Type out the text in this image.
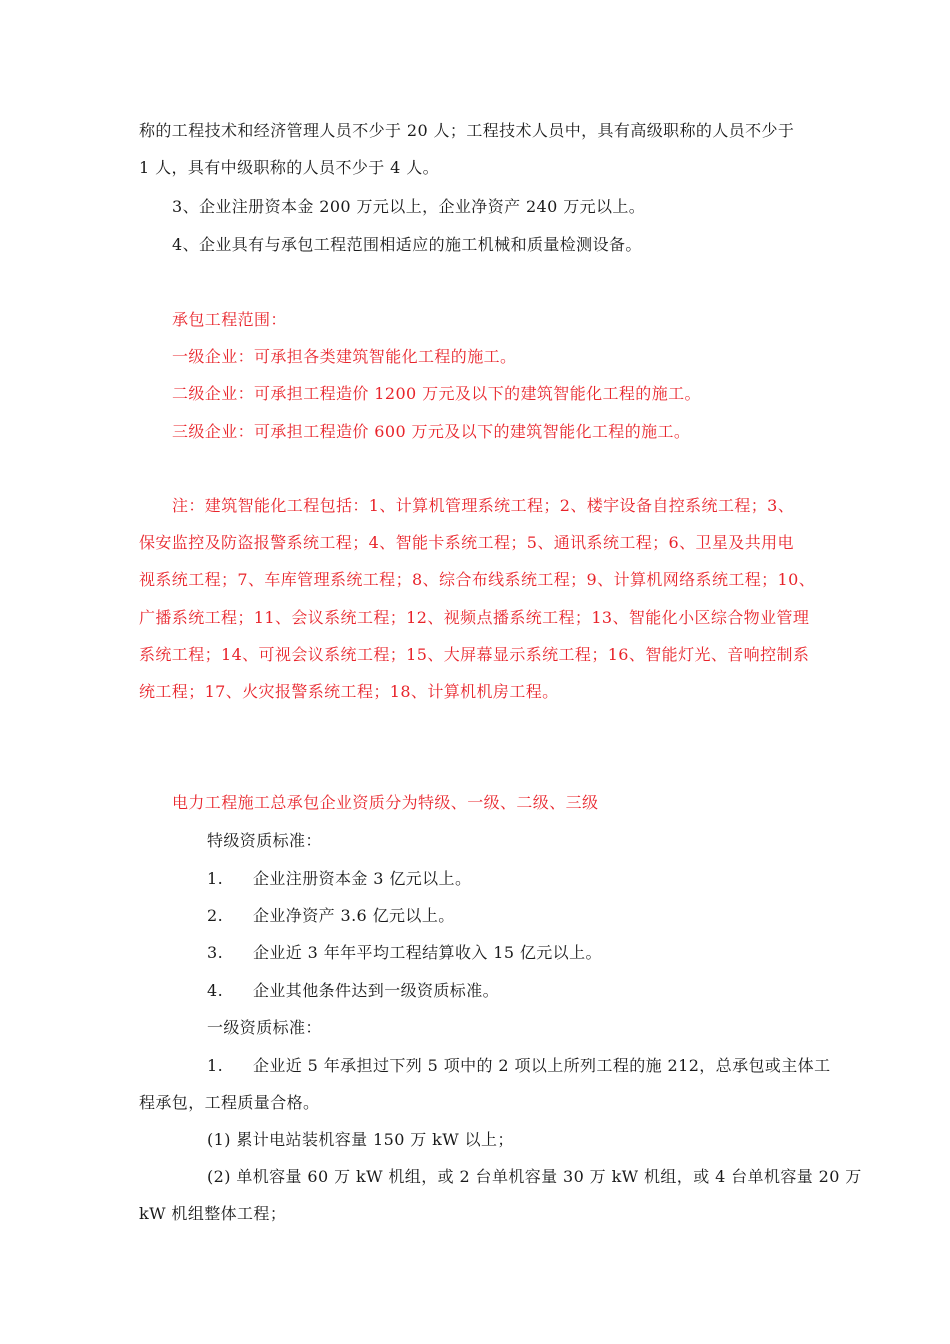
称的工程技术和经济管理人员不少于 20 人；工程技术人员中，具有高级职称的人员不少于
1 人，具有中级职称的人员不少于 4 人。
3、企业注册资本金 200 万元以上，企业净资产 240 万元以上。
4、企业具有与承包工程范围相适应的施工机械和质量检测设备。
承包工程范围：
一级企业：可承担各类建筑智能化工程的施工。
二级企业：可承担工程造价 1200 万元及以下的建筑智能化工程的施工。
三级企业：可承担工程造价 600 万元及以下的建筑智能化工程的施工。
注：建筑智能化工程包括：1、计算机管理系统工程；2、楼宇设备自控系统工程；3、
保安监控及防盗报警系统工程；4、智能卡系统工程；5、通讯系统工程；6、卫星及共用电
视系统工程；7、车库管理系统工程；8、综合布线系统工程；9、计算机网络系统工程；10、
广播系统工程；11、会议系统工程；12、视频点播系统工程；13、智能化小区综合物业管理
系统工程；14、可视会议系统工程；15、大屏幕显示系统工程；16、智能灯光、音响控制系
统工程；17、火灾报警系统工程；18、计算机机房工程。
电力工程施工总承包企业资质分为特级、一级、二级、三级
特级资质标准：
1. 企业注册资本金 3 亿元以上。
2. 企业净资产 3.6 亿元以上。
3. 企业近 3 年年平均工程结算收入 15 亿元以上。
4. 企业其他条件达到一级资质标准。
一级资质标准：
1. 企业近 5 年承担过下列 5 项中的 2 项以上所列工程的施 212，总承包或主体工
程承包，工程质量合格。
(1) 累计电站装机容量 150 万 kW 以上；
(2) 单机容量 60 万 kW 机组，或 2 台单机容量 30 万 kW 机组，或 4 台单机容量 20 万
kW 机组整体工程；
